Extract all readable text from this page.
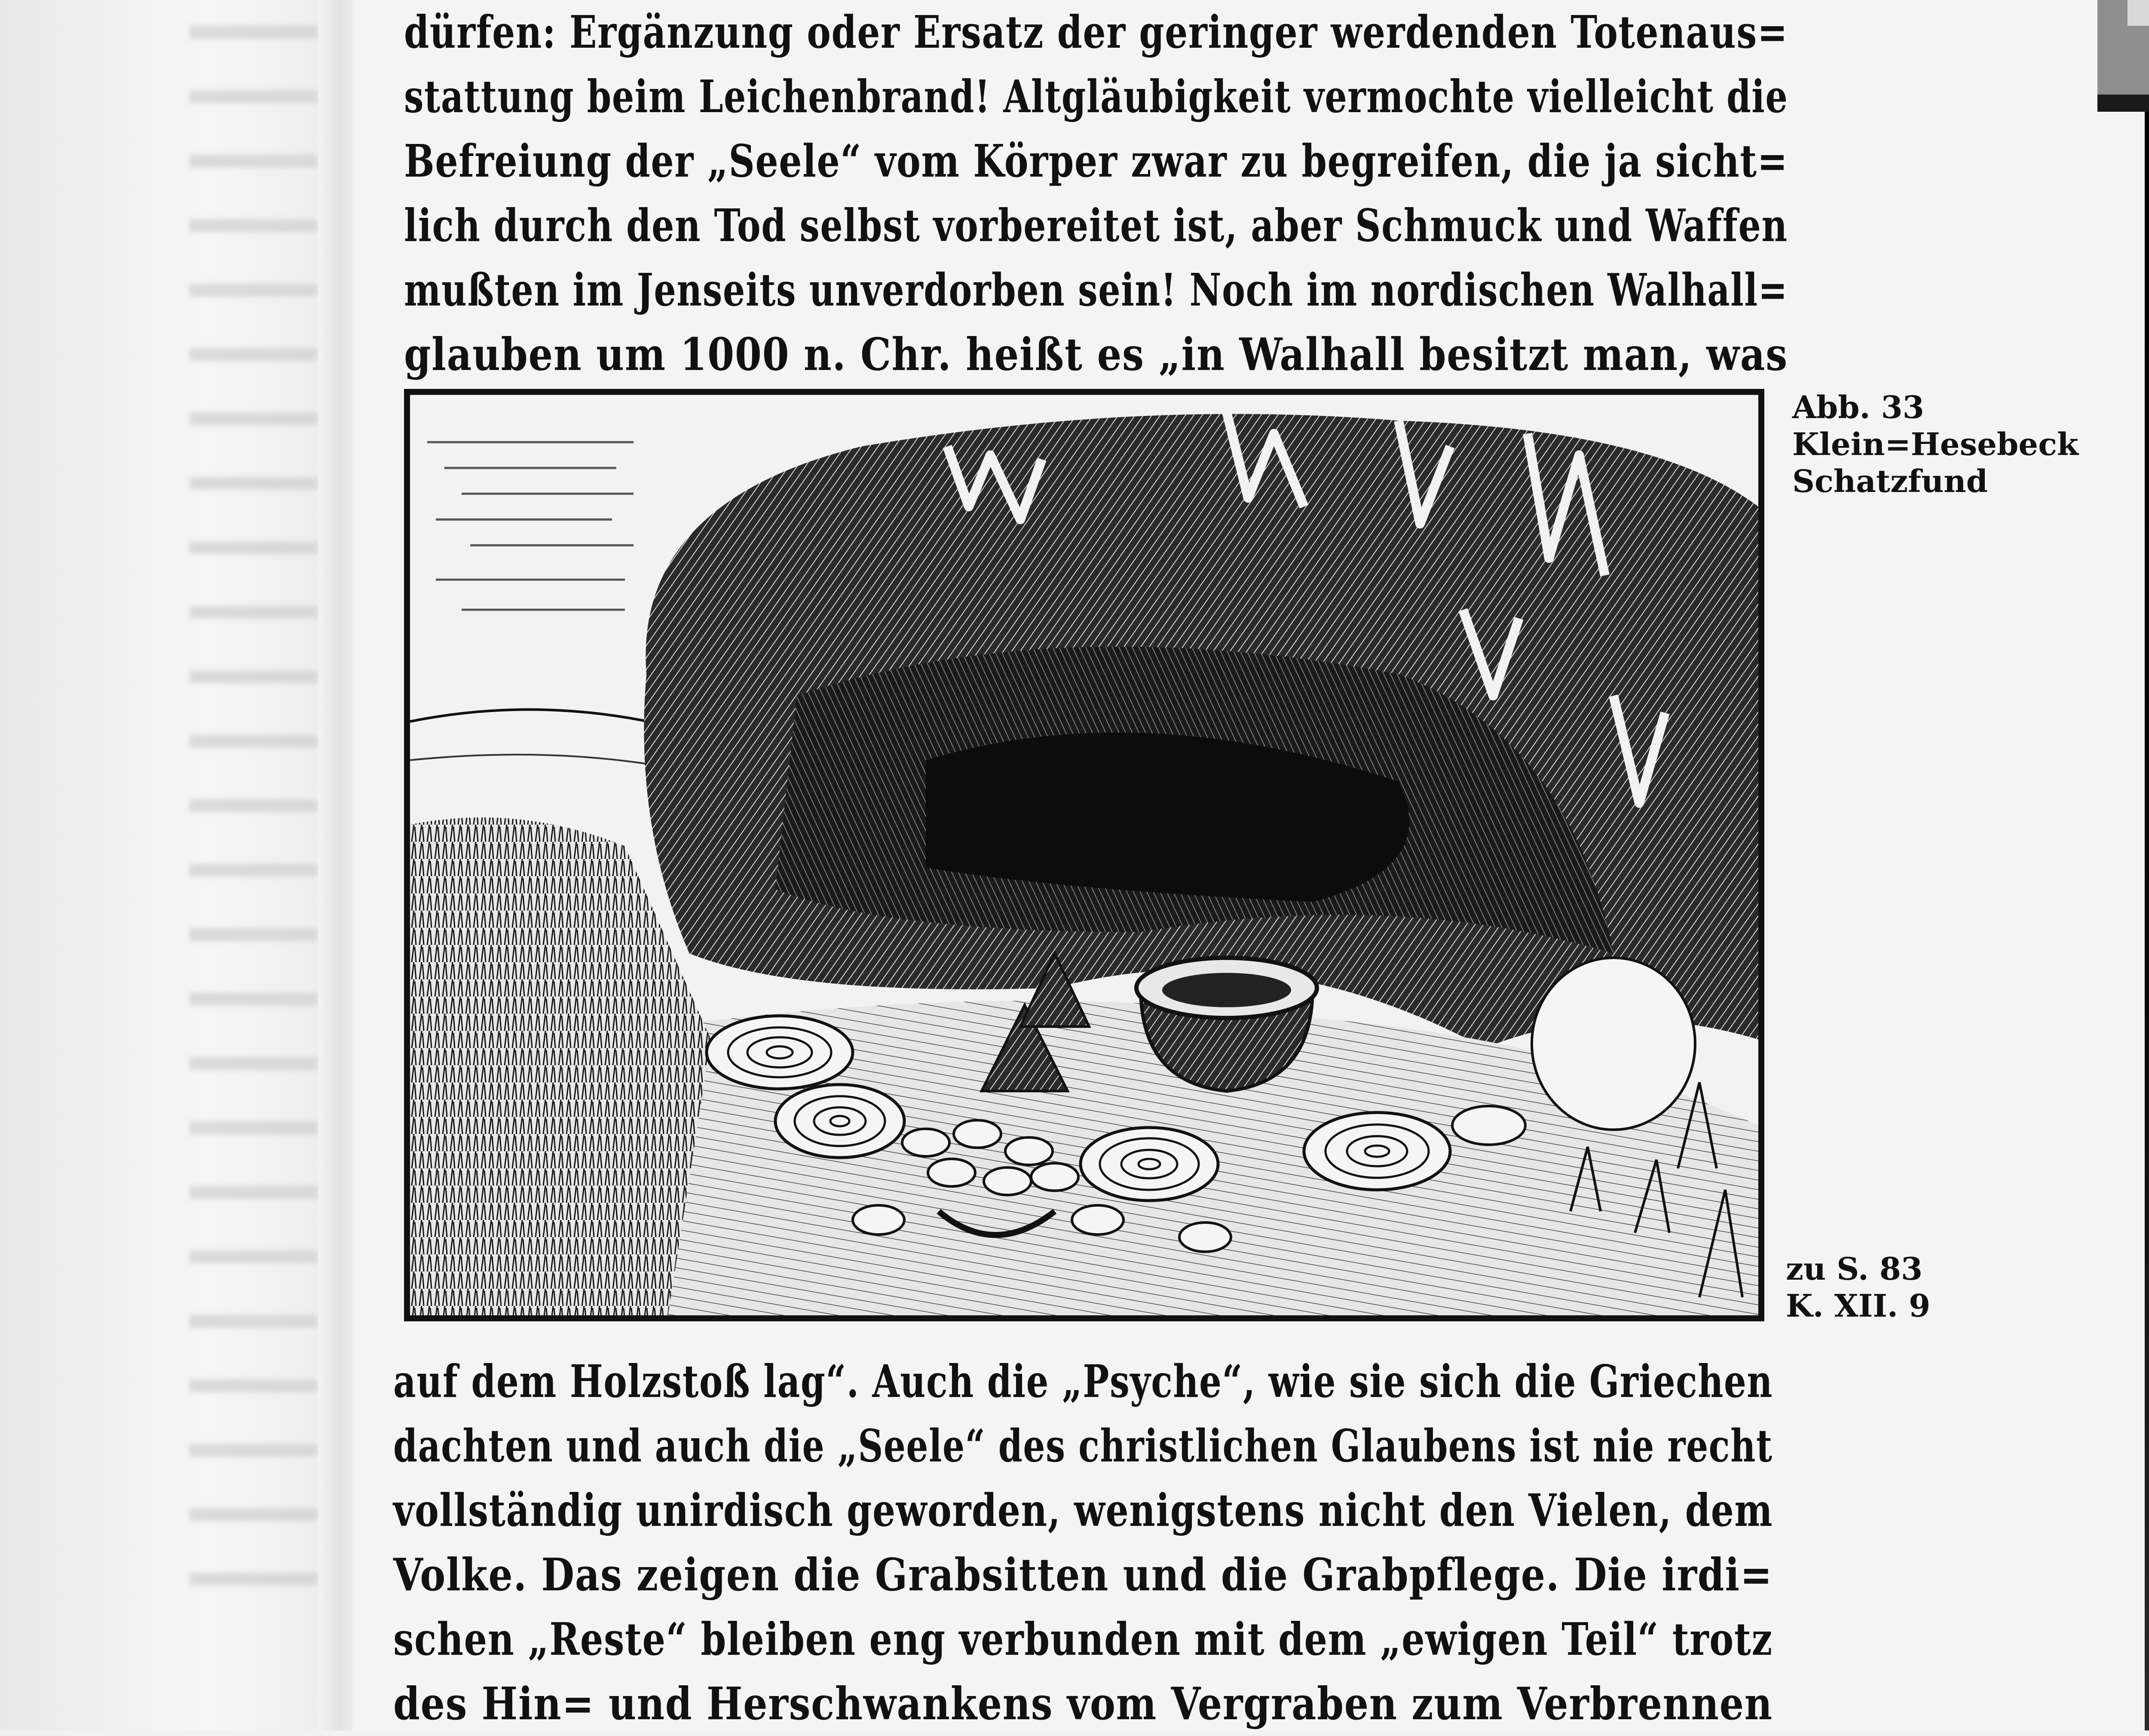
dürfen: Ergänzung oder Ersatz der geringer werdenden Totenaus=
stattung beim Leichenbrand! Altgläubigkeit vermochte vielleicht die
Befreiung der „Seele“ vom Körper zwar zu begreifen, die ja sicht=
lich durch den Tod selbst vorbereitet ist, aber Schmuck und Waffen
mußten im Jenseits unverdorben sein! Noch im nordischen Walhall=
glauben um 1000 n. Chr. heißt es „in Walhall besitzt man, was
Abb. 33
Klein=Hesebeck
Schatzfund
zu S. 83
K. XII. 9
auf dem Holzstoß lag“. Auch die „Psyche“, wie sie sich die Griechen
dachten und auch die „Seele“ des christlichen Glaubens ist nie recht
vollständig unirdisch geworden, wenigstens nicht den Vielen, dem
Volke. Das zeigen die Grabsitten und die Grabpflege. Die irdi=
schen „Reste“ bleiben eng verbunden mit dem „ewigen Teil“ trotz
des Hin= und Herschwankens vom Vergraben zum Verbrennen
